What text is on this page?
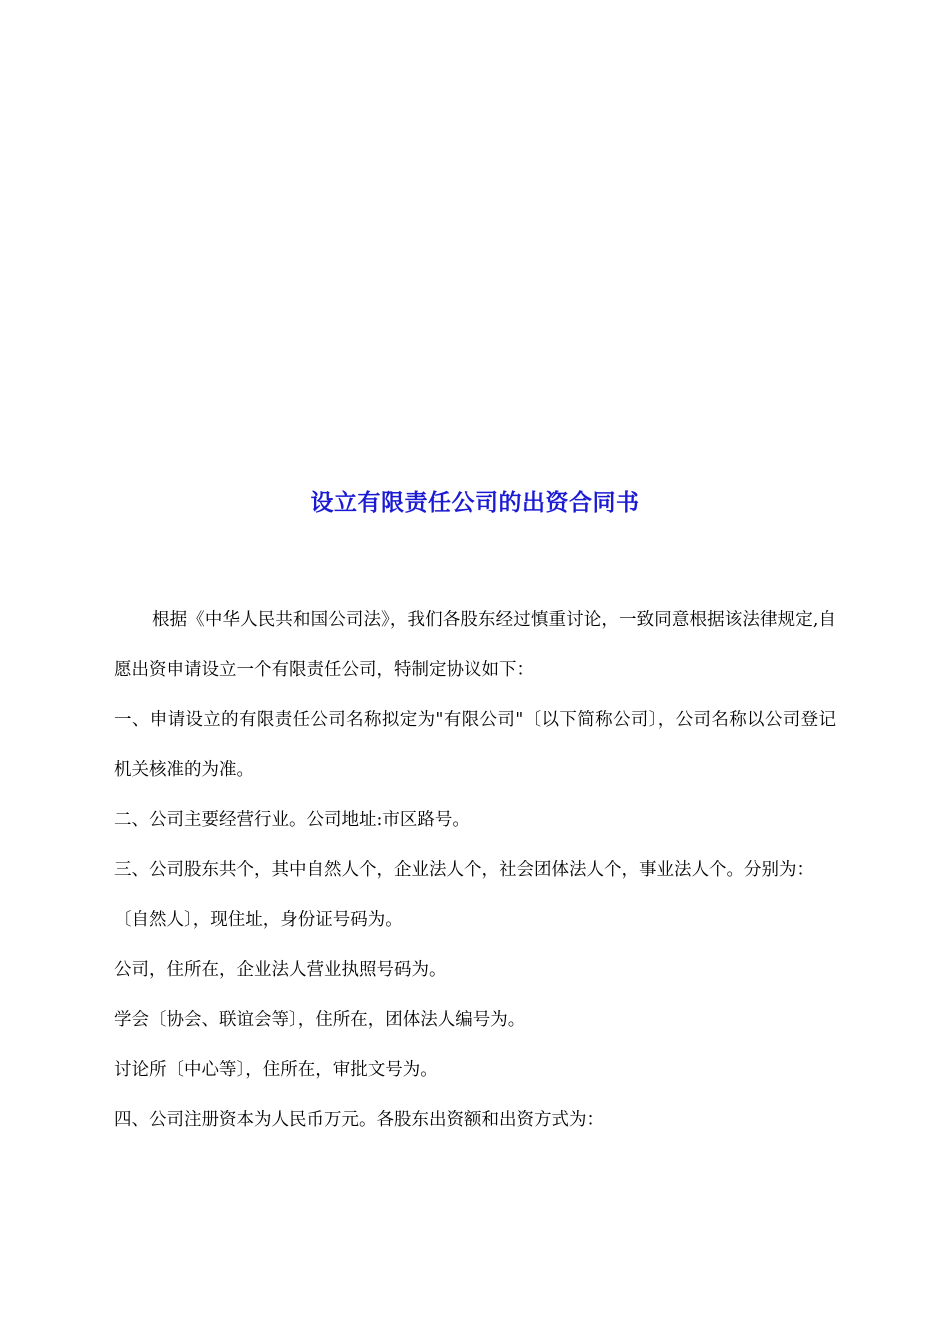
设立有限责任公司的出资合同书

根据《中华人民共和国公司法》，我们各股东经过慎重讨论，一致同意根据该法律规定,自愿出资申请设立一个有限责任公司，特制定协议如下：

一、申请设立的有限责任公司名称拟定为"有限公司"〔以下简称公司〕，公司名称以公司登记机关核准的为准。

二、公司主要经营行业。公司地址:市区路号。

三、公司股东共个，其中自然人个，企业法人个，社会团体法人个，事业法人个。分别为：

〔自然人〕，现住址，身份证号码为。

公司，住所在，企业法人营业执照号码为。

学会〔协会、联谊会等〕，住所在，团体法人编号为。

讨论所〔中心等〕，住所在，审批文号为。

四、公司注册资本为人民币万元。各股东出资额和出资方式为：
